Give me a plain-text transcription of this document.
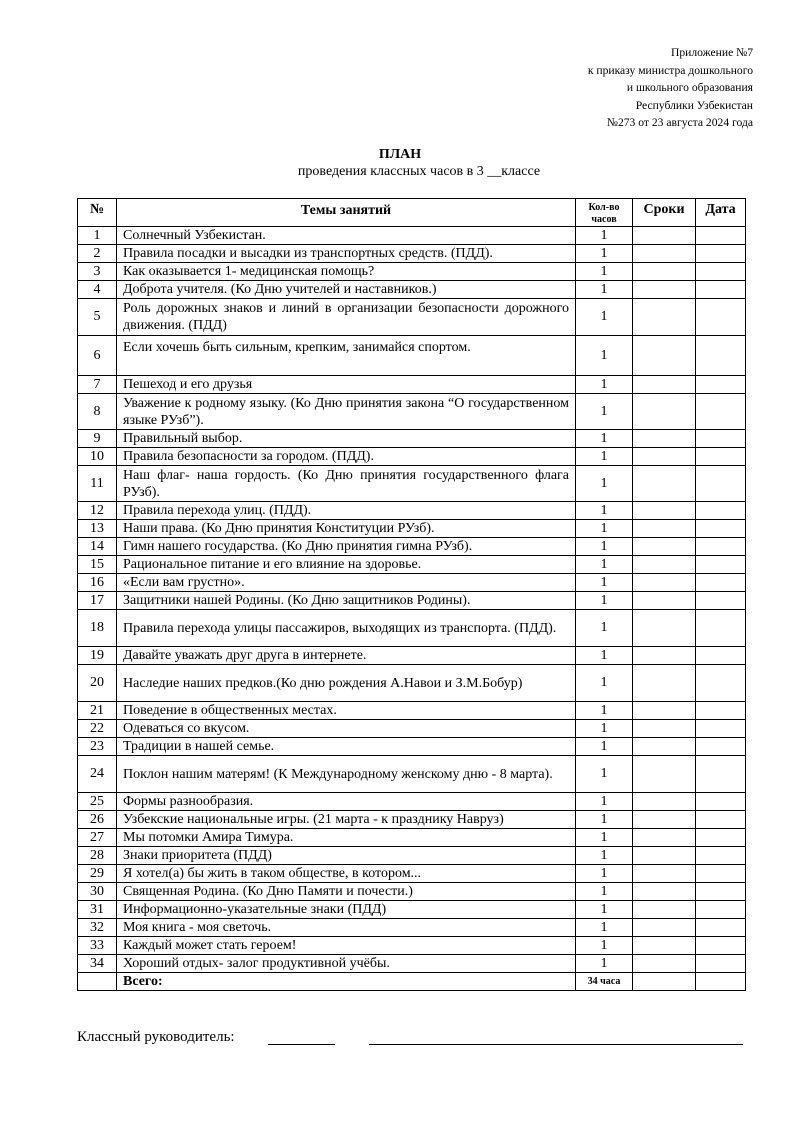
Приложение №7
к приказу министра дошкольного
и школьного образования
Республики Узбекистан
№273 от 23 августа 2024 года
ПЛАН
проведения классных часов в 3 __классе
№	Темы занятий	Кол-во часов	Сроки	Дата
1	Солнечный Узбекистан.	1		
2	Правила посадки и высадки из транспортных средств. (ПДД).	1		
3	Как оказывается 1- медицинская помощь?	1		
4	Доброта учителя. (Ко Дню учителей и наставников.)	1		
5	Роль дорожных знаков и линий в организации безопасности дорожного движения. (ПДД)	1		
6	Если хочешь быть сильным, крепким, занимайся спортом.	1		
7	Пешеход и его друзья	1		
8	Уважение к родному языку. (Ко Дню принятия закона “О государственном языке РУзб”).	1		
9	Правильный выбор.	1		
10	Правила безопасности за городом. (ПДД).	1		
11	Наш флаг- наша гордость. (Ко Дню принятия государственного флага РУзб).	1		
12	Правила перехода улиц. (ПДД).	1		
13	Наши права. (Ко Дню принятия Конституции РУзб).	1		
14	Гимн нашего государства. (Ко Дню принятия гимна РУзб).	1		
15	Рациональное питание и его влияние на здоровье.	1		
16	«Если вам грустно».	1		
17	Защитники нашей Родины. (Ко Дню защитников Родины).	1		
18	Правила перехода улицы пассажиров, выходящих из транспорта. (ПДД).	1		
19	Давайте уважать друг друга в интернете.	1		
20	Наследие наших предков.(Ко дню рождения А.Навои и З.М.Бобур)	1		
21	Поведение в общественных местах.	1		
22	Одеваться со вкусом.	1		
23	Традиции в нашей семье.	1		
24	Поклон нашим матерям! (К Международному женскому дню - 8 марта).	1		
25	Формы разнообразия.	1		
26	Узбекские национальные игры. (21 марта - к празднику Навруз)	1		
27	Мы потомки Амира Тимура.	1		
28	Знаки приоритета (ПДД)	1		
29	Я хотел(а) бы жить в таком обществе, в котором...	1		
30	Священная Родина. (Ко Дню Памяти и почести.)	1		
31	Информационно-указательные знаки (ПДД)	1		
32	Моя книга - моя светочь.	1		
33	Каждый может стать героем!	1		
34	Хороший отдых- залог продуктивной учёбы.	1		
	Всего:	34 часа		
Классный руководитель:
